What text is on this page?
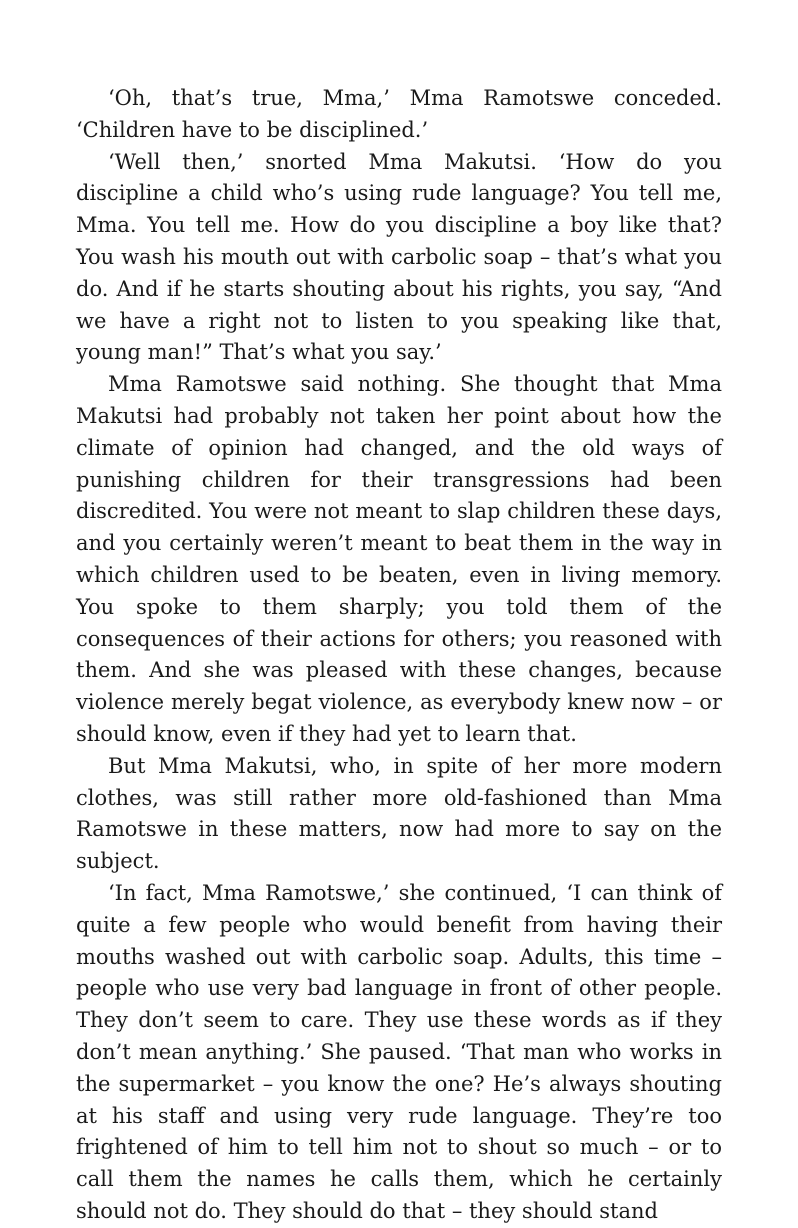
‘Oh, that’s true, Mma,’ Mma Ramotswe conceded. ‘Children have to be disciplined.’

‘Well then,’ snorted Mma Makutsi. ‘How do you discipline a child who’s using rude language? You tell me, Mma. You tell me. How do you discipline a boy like that? You wash his mouth out with carbolic soap – that’s what you do. And if he starts shouting about his rights, you say, “And we have a right not to listen to you speaking like that, young man!” That’s what you say.’

Mma Ramotswe said nothing. She thought that Mma Makutsi had probably not taken her point about how the climate of opinion had changed, and the old ways of punishing children for their transgressions had been discredited. You were not meant to slap children these days, and you certainly weren’t meant to beat them in the way in which children used to be beaten, even in living memory. You spoke to them sharply; you told them of the consequences of their actions for others; you reasoned with them. And she was pleased with these changes, because violence merely begat violence, as everybody knew now – or should know, even if they had yet to learn that.

But Mma Makutsi, who, in spite of her more modern clothes, was still rather more old-fashioned than Mma Ramotswe in these matters, now had more to say on the subject.

‘In fact, Mma Ramotswe,’ she continued, ‘I can think of quite a few people who would benefit from having their mouths washed out with carbolic soap. Adults, this time – people who use very bad language in front of other people. They don’t seem to care. They use these words as if they don’t mean anything.’ She paused. ‘That man who works in the supermarket – you know the one? He’s always shouting at his staff and using very rude language. They’re too frightened of him to tell him not to shout so much – or to call them the names he calls them, which he certainly should not do. They should do that – they should stand
